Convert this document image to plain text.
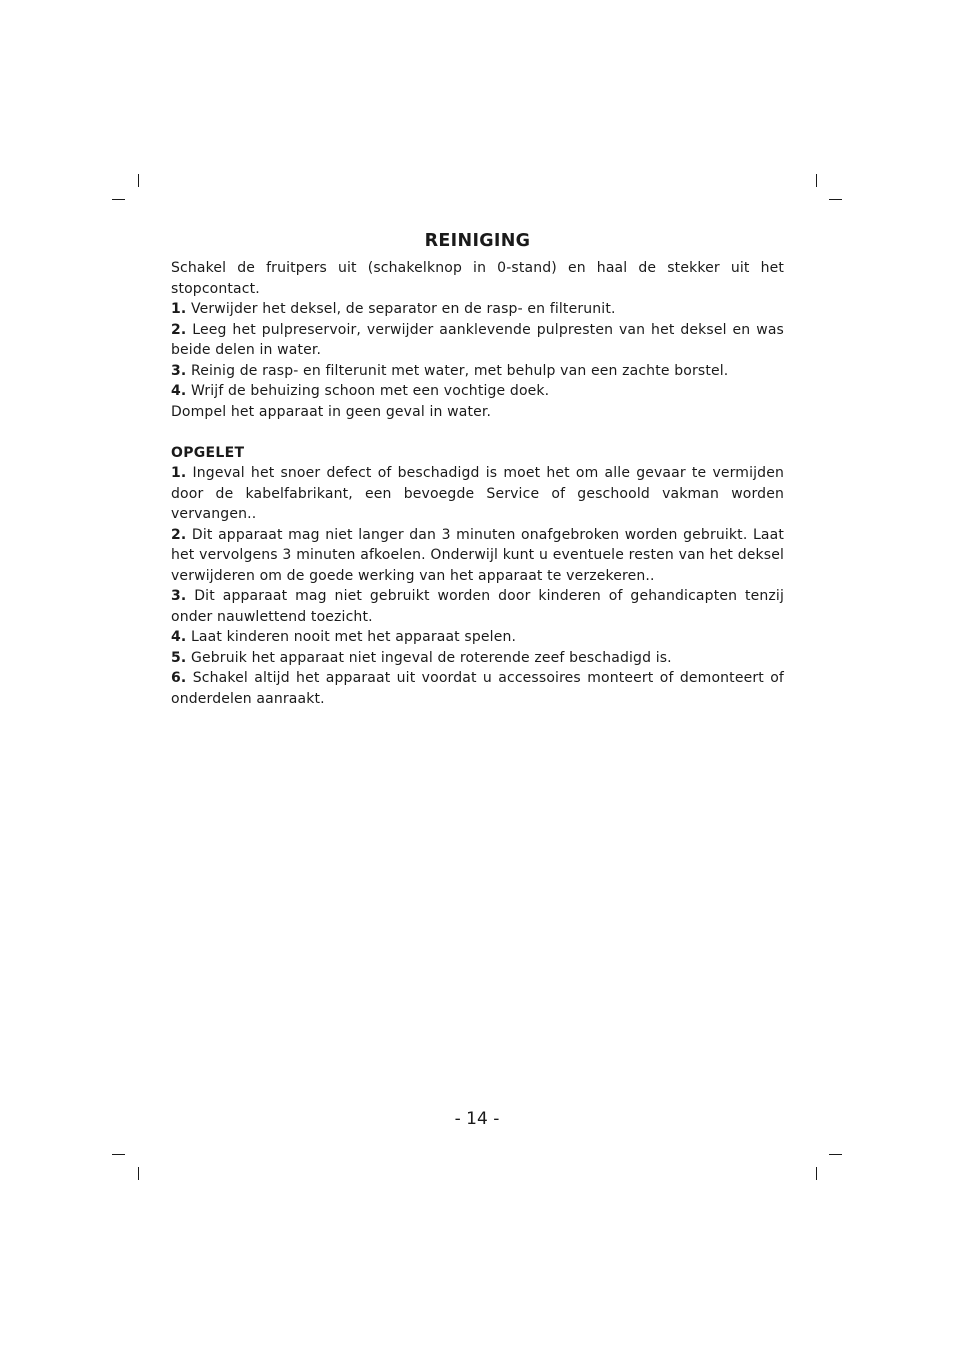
REINIGING

Schakel de fruitpers uit (schakelknop in 0-stand) en haal de stekker uit het stopcontact.

1. Verwijder het deksel, de separator en de rasp- en filterunit.

2. Leeg het pulpreservoir, verwijder aanklevende pulpresten van het deksel en was beide delen in water.

3. Reinig de rasp- en filterunit met water, met behulp van een zachte borstel.

4. Wrijf de behuizing schoon met een vochtige doek.

Dompel het apparaat in geen geval in water.

OPGELET

1. Ingeval het snoer defect of beschadigd is moet het om alle gevaar te vermijden door de kabelfabrikant, een bevoegde Service of geschoold vakman worden vervangen..

2. Dit apparaat mag niet langer dan 3 minuten onafgebroken worden gebruikt. Laat het vervolgens 3 minuten afkoelen. Onderwijl kunt u eventuele resten van het deksel verwijderen om de goede werking van het apparaat te verzekeren..

3. Dit apparaat mag niet gebruikt worden door kinderen of gehandicapten tenzij onder nauwlettend toezicht.

4. Laat kinderen nooit met het apparaat spelen.

5. Gebruik het apparaat niet ingeval de roterende zeef beschadigd is.

6. Schakel altijd het apparaat uit voordat u accessoires monteert of demonteert of onderdelen aanraakt.

- 14 -
